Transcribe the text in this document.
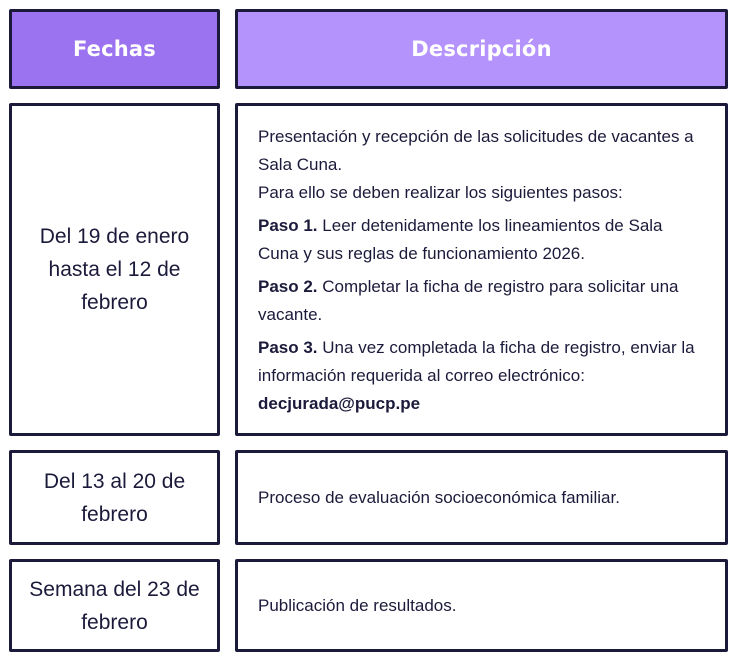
Fechas	Descripción
Del 19 de enero hasta el 12 de febrero

Presentación y recepción de las solicitudes de vacantes a Sala Cuna.

Para ello se deben realizar los siguientes pasos:

Paso 1. Leer detenidamente los lineamientos de Sala Cuna y sus reglas de funcionamiento 2026.

Paso 2. Completar la ficha de registro para solicitar una vacante.

Paso 3. Una vez completada la ficha de registro, enviar la información requerida al correo electrónico: decjurada@pucp.pe

Del 13 al 20 de febrero
Proceso de evaluación socioeconómica familiar.
Semana del 23 de febrero
Publicación de resultados.
